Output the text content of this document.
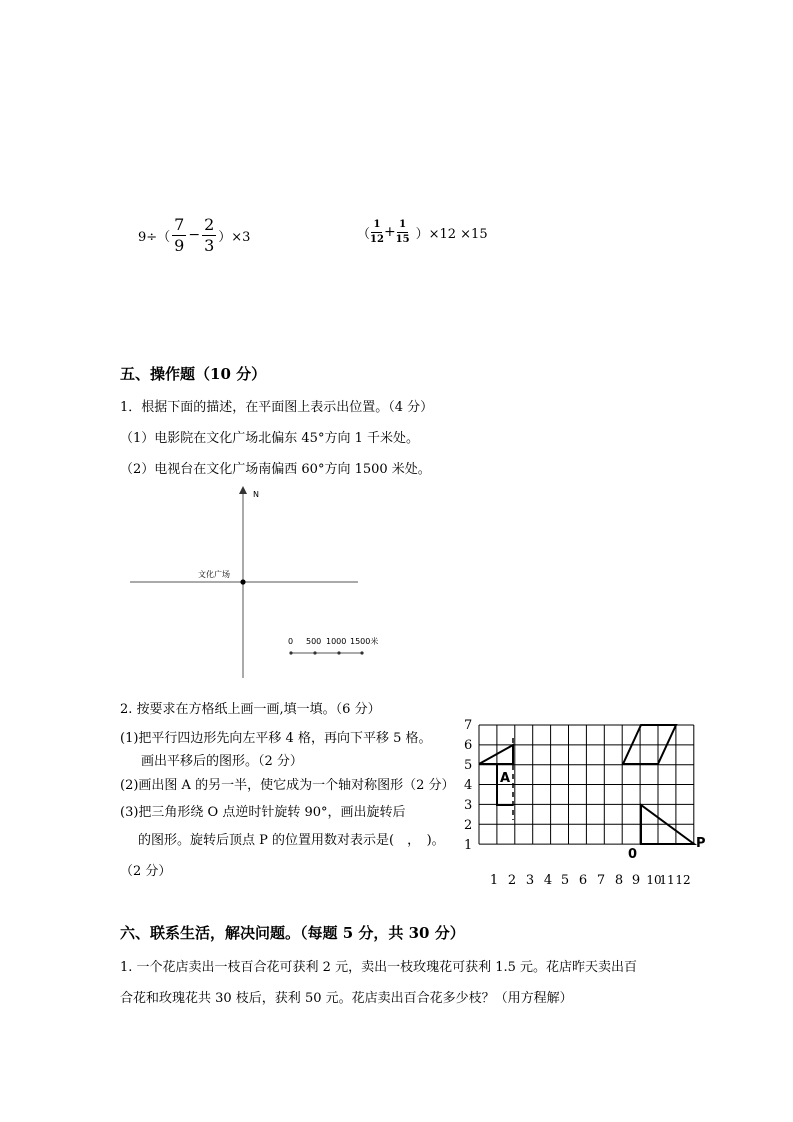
$9\div( \frac{7}{9} - \frac{2}{3} )\times 3$	（ $\frac{1}{12} + \frac{1}{15} )\times 12 \times 15$
五、操作题（10 分）
1．根据下面的描述，在平面图上表示出位置。（4 分）
（1）电影院在文化广场北偏东 45°方向 1 千米处。
（2）电视台在文化广场南偏西 60°方向 1500 米处。
N
文化广场
0 500 1000 1500米
2. 按要求在方格纸上画一画,填一填。（6 分）
(1)把平行四边形先向左平移 4 格，再向下平移 5 格。
画出平移后的图形。（2 分）
(2)画出图 A 的另一半，使它成为一个轴对称图形（2 分）
(3)把三角形绕 O 点逆时针旋转 90°，画出旋转后
的图形。旋转后顶点 P 的位置用数对表示是(　，　)。
（2 分）
7
6
5
4
3
2
1
1 2 3 4 5 6 7 8 9 10
11 12
A
0
P
六、联系生活，解决问题。（每题 5 分，共 30 分）
1. 一个花店卖出一枝百合花可获利 2 元，卖出一枝玫瑰花可获利 1.5 元。花店昨天卖出百
合花和玫瑰花共 30 枝后，获利 50 元。花店卖出百合花多少枝？（用方程解）
